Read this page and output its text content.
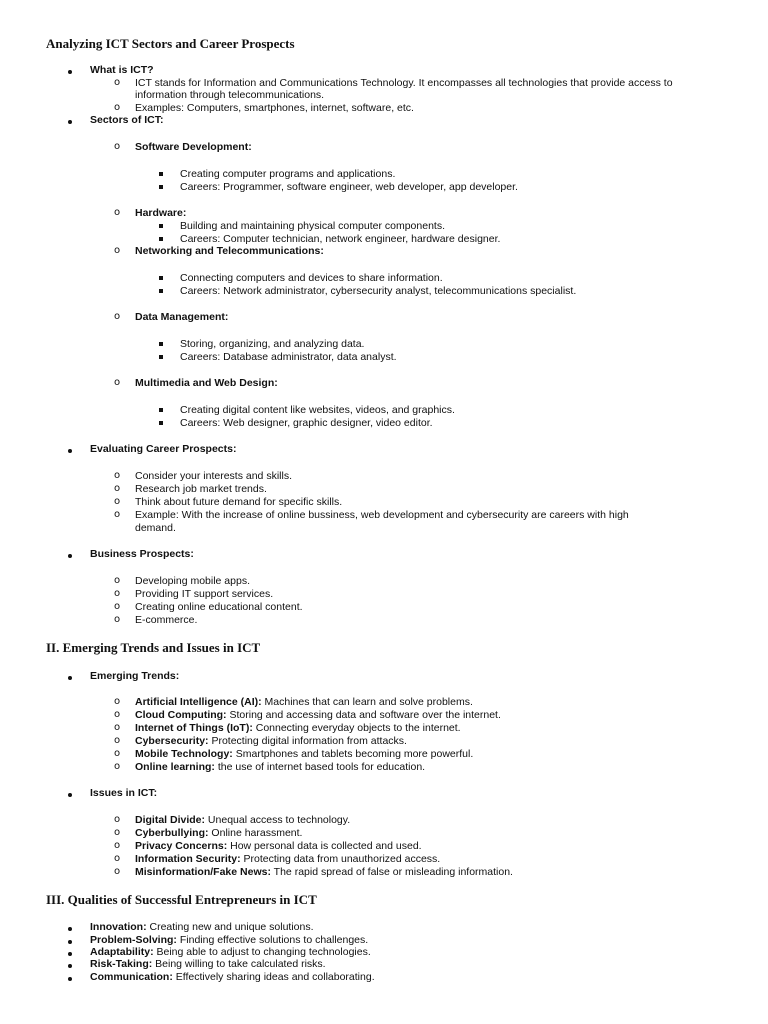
Analyzing ICT Sectors and Career Prospects
What is ICT?
o ICT stands for Information and Communications Technology. It encompasses all technologies that provide access to
information through telecommunications.
o Examples: Computers, smartphones, internet, software, etc.
Sectors of ICT:
o Software Development:
Creating computer programs and applications.
Careers: Programmer, software engineer, web developer, app developer.
o Hardware:
Building and maintaining physical computer components.
Careers: Computer technician, network engineer, hardware designer.
o Networking and Telecommunications:
Connecting computers and devices to share information.
Careers: Network administrator, cybersecurity analyst, telecommunications specialist.
o Data Management:
Storing, organizing, and analyzing data.
Careers: Database administrator, data analyst.
o Multimedia and Web Design:
Creating digital content like websites, videos, and graphics.
Careers: Web designer, graphic designer, video editor.
Evaluating Career Prospects:
o Consider your interests and skills.
o Research job market trends.
o Think about future demand for specific skills.
o Example: With the increase of online bussiness, web development and cybersecurity are careers with high
demand.
Business Prospects:
o Developing mobile apps.
o Providing IT support services.
o Creating online educational content.
o E-commerce.
II. Emerging Trends and Issues in ICT
Emerging Trends:
o Artificial Intelligence (AI): Machines that can learn and solve problems.
o Cloud Computing: Storing and accessing data and software over the internet.
o Internet of Things (IoT): Connecting everyday objects to the internet.
o Cybersecurity: Protecting digital information from attacks.
o Mobile Technology: Smartphones and tablets becoming more powerful.
o Online learning: the use of internet based tools for education.
Issues in ICT:
o Digital Divide: Unequal access to technology.
o Cyberbullying: Online harassment.
o Privacy Concerns: How personal data is collected and used.
o Information Security: Protecting data from unauthorized access.
o Misinformation/Fake News: The rapid spread of false or misleading information.
III. Qualities of Successful Entrepreneurs in ICT
Innovation: Creating new and unique solutions.
Problem-Solving: Finding effective solutions to challenges.
Adaptability: Being able to adjust to changing technologies.
Risk-Taking: Being willing to take calculated risks.
Communication: Effectively sharing ideas and collaborating.
